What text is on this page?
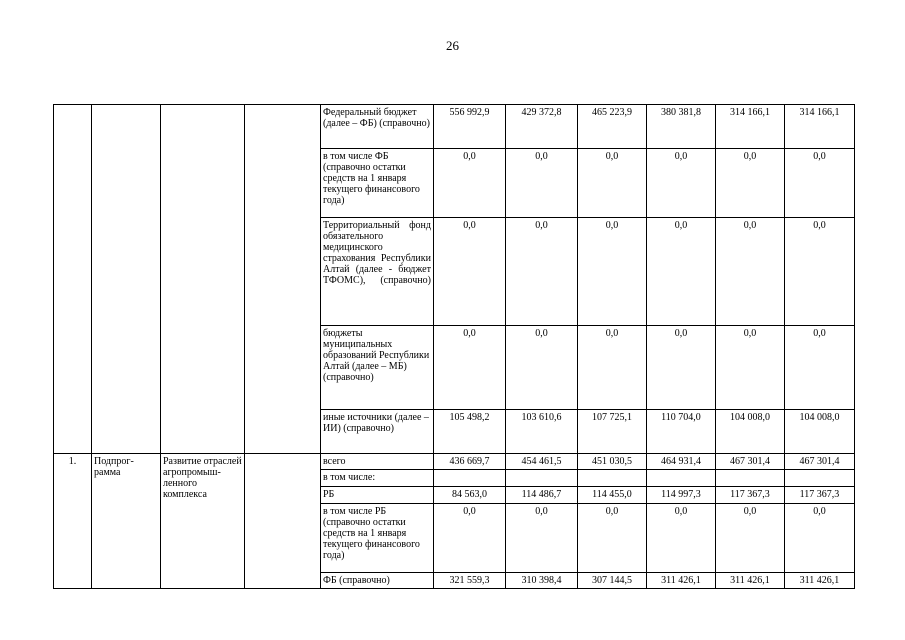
26
				Федеральный бюджет (далее – ФБ) (справочно)	556 992,9	429 372,8	465 223,9	380 381,8	314 166,1	314 166,1
				в том числе ФБ (справочно остатки средств на 1 января текущего финансового года)	0,0	0,0	0,0	0,0	0,0	0,0
				Территориальный фонд обязательного медицинского страхования Республики Алтай (далее - бюджет ТФОМС), (справочно)	0,0	0,0	0,0	0,0	0,0	0,0
				бюджеты муниципальных образований Республики Алтай (далее – МБ) (справочно)	0,0	0,0	0,0	0,0	0,0	0,0
				иные источники (далее – ИИ) (справочно)	105 498,2	103 610,6	107 725,1	110 704,0	104 008,0	104 008,0
1.	Подпрог-рамма	Развитие отраслей агропромыш-ленного комплекса		всего	436 669,7	454 461,5	451 030,5	464 931,4	467 301,4	467 301,4
				в том числе:						
				РБ	84 563,0	114 486,7	114 455,0	114 997,3	117 367,3	117 367,3
				в том числе РБ (справочно остатки средств на 1 января текущего финансового года)	0,0	0,0	0,0	0,0	0,0	0,0
				ФБ (справочно)	321 559,3	310 398,4	307 144,5	311 426,1	311 426,1	311 426,1
